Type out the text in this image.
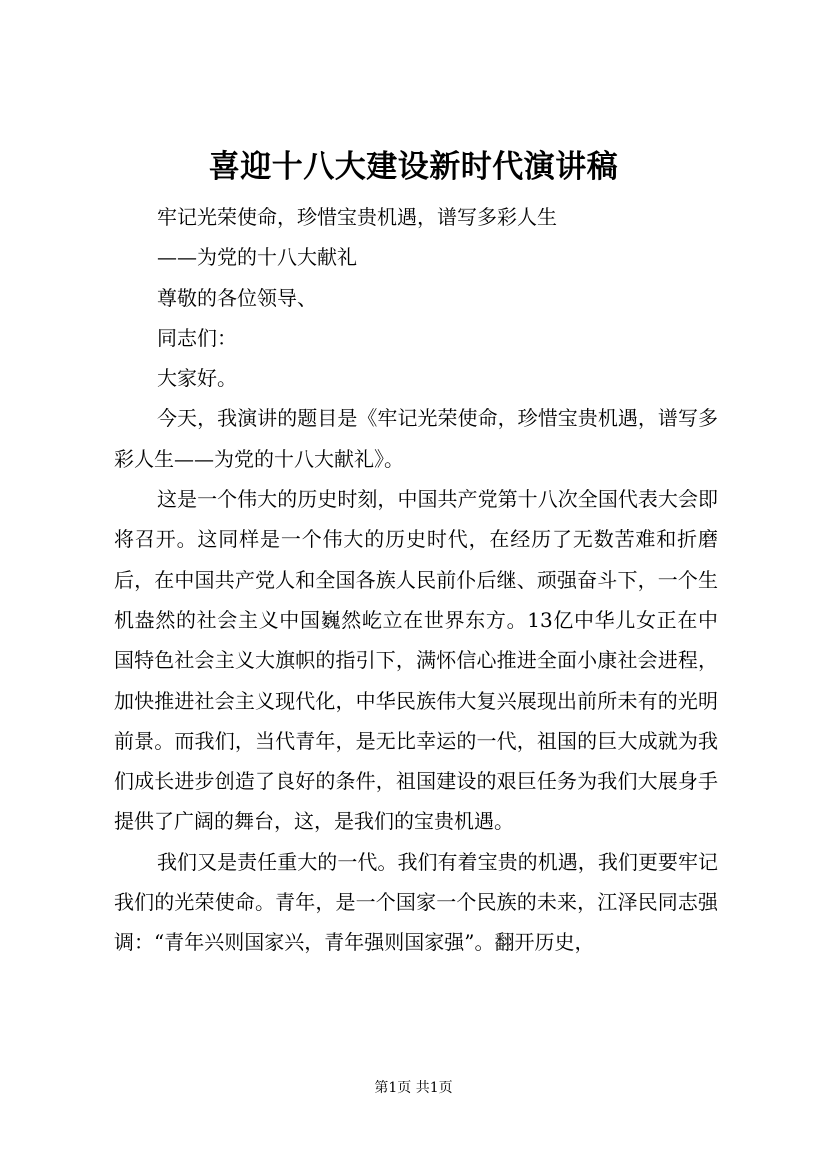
喜迎十八大建设新时代演讲稿

牢记光荣使命，珍惜宝贵机遇，谱写多彩人生

——为党的十八大献礼

尊敬的各位领导、

同志们：

大家好。

今天，我演讲的题目是《牢记光荣使命，珍惜宝贵机遇，谱写多彩人生——为党的十八大献礼》。

这是一个伟大的历史时刻，中国共产党第十八次全国代表大会即将召开。这同样是一个伟大的历史时代，在经历了无数苦难和折磨后，在中国共产党人和全国各族人民前仆后继、顽强奋斗下，一个生机盎然的社会主义中国巍然屹立在世界东方。13亿中华儿女正在中国特色社会主义大旗帜的指引下，满怀信心推进全面小康社会进程，加快推进社会主义现代化，中华民族伟大复兴展现出前所未有的光明前景。而我们，当代青年，是无比幸运的一代，祖国的巨大成就为我们成长进步创造了良好的条件，祖国建设的艰巨任务为我们大展身手提供了广阔的舞台，这，是我们的宝贵机遇。

我们又是责任重大的一代。我们有着宝贵的机遇，我们更要牢记我们的光荣使命。青年，是一个国家一个民族的未来，江泽民同志强调：“青年兴则国家兴，青年强则国家强”。翻开历史，

第1页 共1页
